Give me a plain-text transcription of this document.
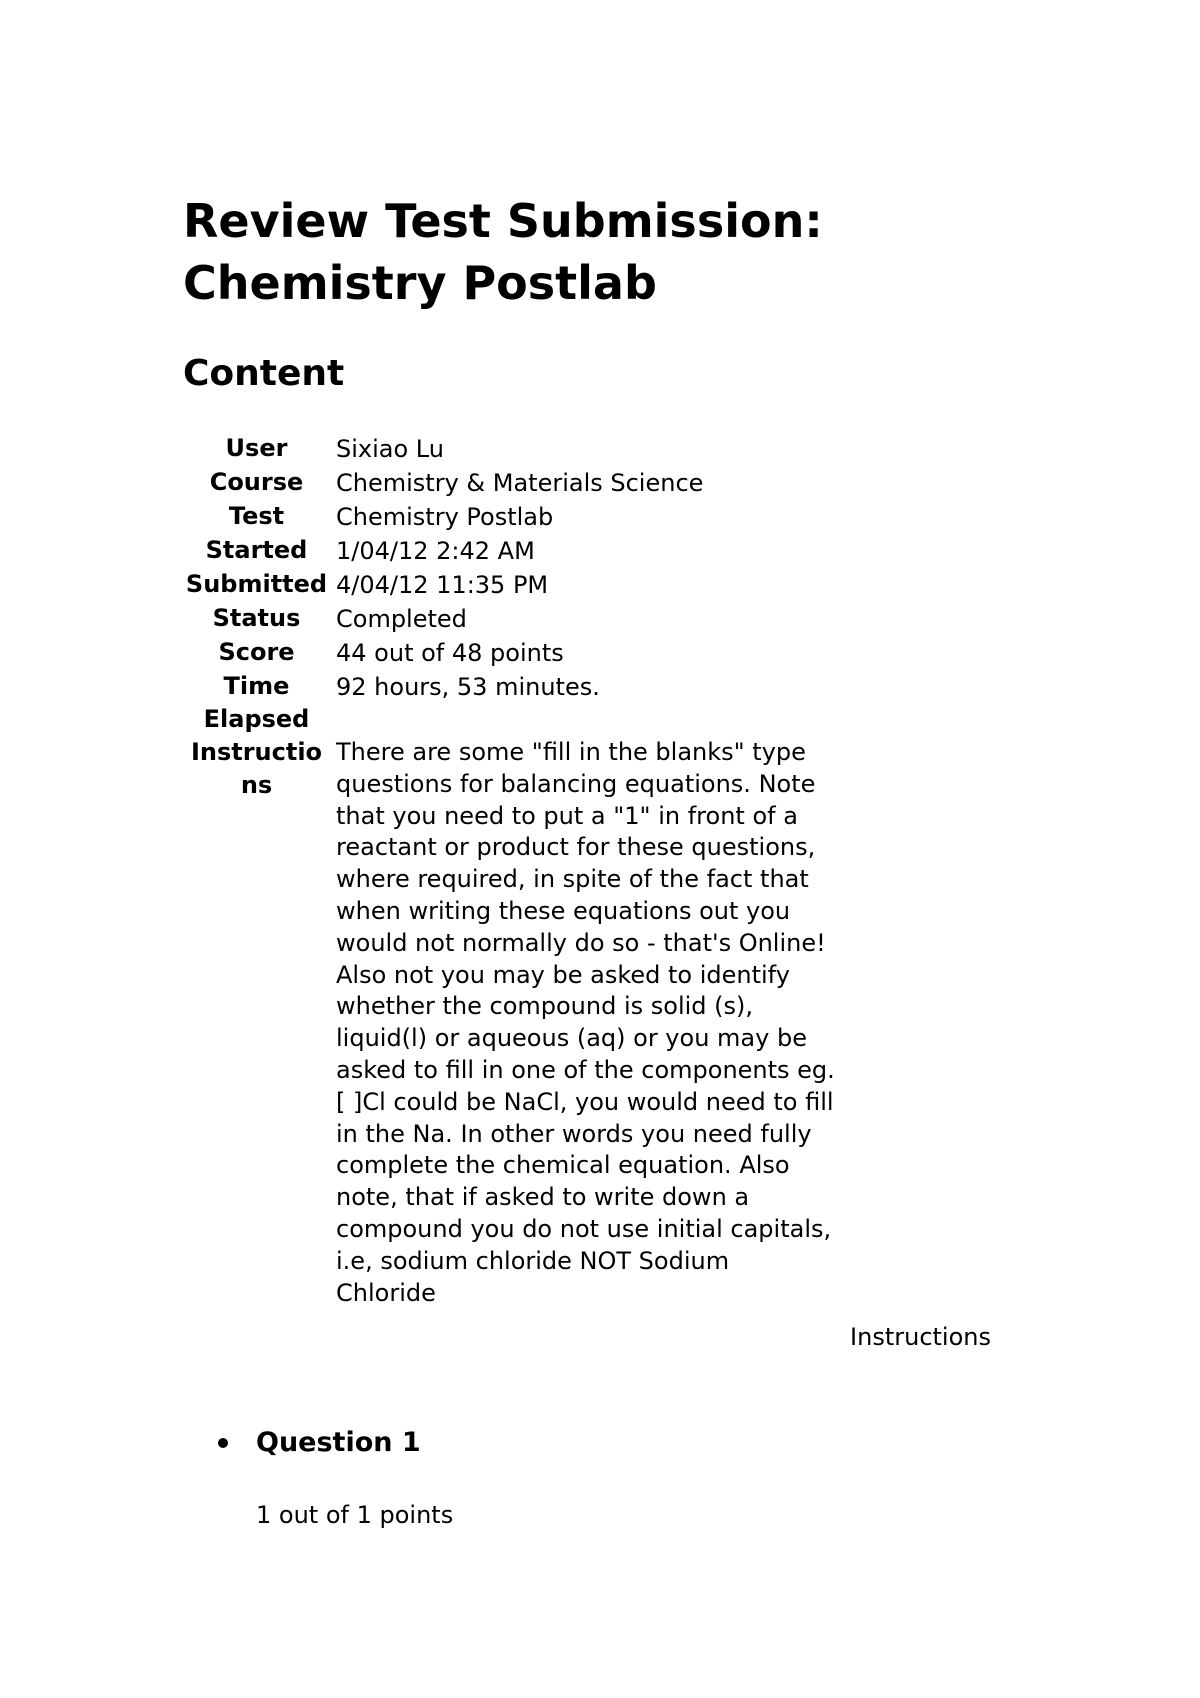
Review Test Submission:
Chemistry Postlab
Content
User	Sixiao Lu
Course	Chemistry & Materials Science
Test	Chemistry Postlab
Started	1/04/12 2:42 AM
Submitted	4/04/12 11:35 PM
Status	Completed
Score	44 out of 48 points
Time Elapsed	92 hours, 53 minutes.
Instructions	There are some "fill in the blanks" type questions for balancing equations. Note that you need to put a "1" in front of a reactant or product for these questions, where required, in spite of the fact that when writing these equations out you would not normally do so - that's Online! Also not you may be asked to identify whether the compound is solid (s), liquid(l) or aqueous (aq) or you may be asked to fill in one of the components eg. [ ]Cl could be NaCl, you would need to fill in the Na. In other words you need fully complete the chemical equation. Also note, that if asked to write down a compound you do not use initial capitals, i.e, sodium chloride NOT Sodium Chloride
Instructions
Question 1
1 out of 1 points
